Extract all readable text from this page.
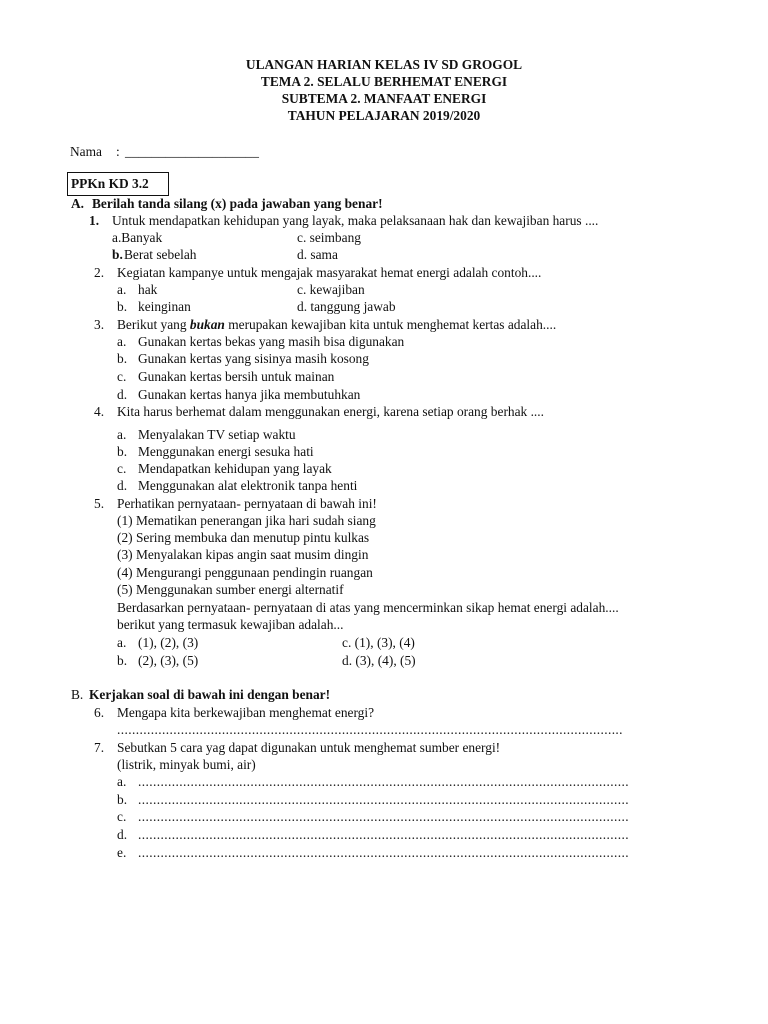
ULANGAN HARIAN KELAS IV SD GROGOL
TEMA 2. SELALU BERHEMAT ENERGI
SUBTEMA 2. MANFAAT ENERGI
TAHUN PELAJARAN 2019/2020
Nama : ____________________
PPKn KD 3.2
A. Berilah tanda silang (x) pada jawaban yang benar!
1. Untuk mendapatkan kehidupan yang layak, maka pelaksanaan hak dan kewajiban harus ....
a.Banyak	c. seimbang
b. Berat sebelah	d. sama
2. Kegiatan kampanye untuk mengajak masyarakat hemat energi adalah contoh....
a. hak	c. kewajiban
b. keinginan	d. tanggung jawab
3. Berikut yang bukan merupakan kewajiban kita untuk menghemat kertas adalah....
a. Gunakan kertas bekas yang masih bisa digunakan
b. Gunakan kertas yang sisinya masih kosong
c. Gunakan kertas bersih untuk mainan
d. Gunakan kertas hanya jika membutuhkan
4. Kita harus berhemat dalam menggunakan energi, karena setiap orang berhak ....
a. Menyalakan TV setiap waktu
b. Menggunakan energi sesuka hati
c. Mendapatkan kehidupan yang layak
d. Menggunakan alat elektronik tanpa henti
5. Perhatikan pernyataan- pernyataan di bawah ini!
(1) Mematikan penerangan jika hari sudah siang
(2) Sering membuka dan menutup pintu kulkas
(3) Menyalakan kipas angin saat musim dingin
(4) Mengurangi penggunaan pendingin ruangan
(5) Menggunakan sumber energi alternatif
Berdasarkan pernyataan- pernyataan di atas yang mencerminkan sikap hemat energi adalah....
berikut yang termasuk kewajiban adalah...
a. (1), (2), (3)	c. (1), (3), (4)
b. (2), (3), (5)	d. (3), (4), (5)
B. Kerjakan soal di bawah ini dengan benar!
6. Mengapa kita berkewajiban menghemat energi?
.......................................................................................................................................
7. Sebutkan 5 cara yag dapat digunakan untuk menghemat sumber energi!
(listrik, minyak bumi, air)
a. ...................................................................................................................................
b. ...................................................................................................................................
c. ...................................................................................................................................
d. ...................................................................................................................................
e. ...................................................................................................................................
